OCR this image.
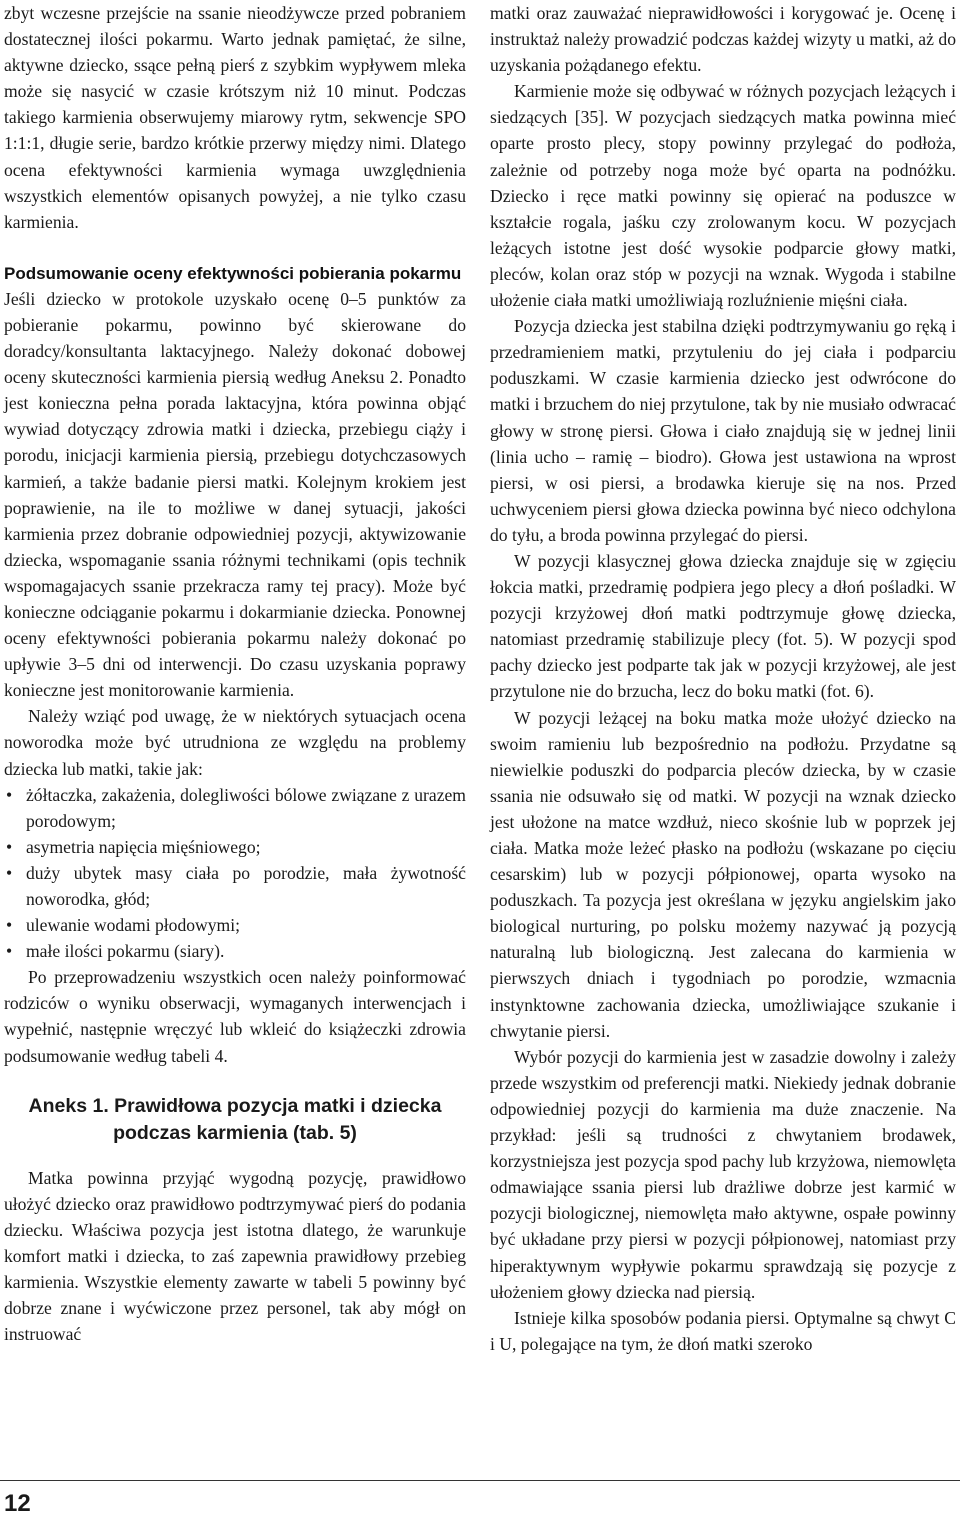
zbyt wczesne przejście na ssanie nieodżywcze przed pobraniem dostatecznej ilości pokarmu. Warto jednak pamiętać, że silne, aktywne dziecko, ssące pełną pierś z szybkim wypływem mleka może się nasycić w czasie krótszym niż 10 minut. Podczas takiego karmienia obserwujemy miarowy rytm, sekwencje SPO 1:1:1, długie serie, bardzo krótkie przerwy między nimi. Dlatego ocena efektywności karmienia wymaga uwzględnienia wszystkich elementów opisanych powyżej, a nie tylko czasu karmienia.

Podsumowanie oceny efektywności pobierania pokarmu

Jeśli dziecko w protokole uzyskało ocenę 0–5 punktów za pobieranie pokarmu, powinno być skierowane do doradcy/konsultanta laktacyjnego. Należy dokonać dobowej oceny skuteczności karmienia piersią według Aneksu 2. Ponadto jest konieczna pełna porada laktacyjna, która powinna objąć wywiad dotyczący zdrowia matki i dziecka, przebiegu ciąży i porodu, inicjacji karmienia piersią, przebiegu dotychczasowych karmień, a także badanie piersi matki. Kolejnym krokiem jest poprawienie, na ile to możliwe w danej sytuacji, jakości karmienia przez dobranie odpowiedniej pozycji, aktywizowanie dziecka, wspomaganie ssania różnymi technikami (opis technik wspomagajacych ssanie przekracza ramy tej pracy). Może być konieczne odciąganie pokarmu i dokarmianie dziecka. Ponownej oceny efektywności pobierania pokarmu należy dokonać po upływie 3–5 dni od interwencji. Do czasu uzyskania poprawy konieczne jest monitorowanie karmienia.

Należy wziąć pod uwagę, że w niektórych sytuacjach ocena noworodka może być utrudniona ze względu na problemy dziecka lub matki, takie jak:

• żółtaczka, zakażenia, dolegliwości bólowe związane z urazem porodowym;
• asymetria napięcia mięśniowego;
• duży ubytek masy ciała po porodzie, mała żywotność noworodka, głód;
• ulewanie wodami płodowymi;
• małe ilości pokarmu (siary).

Po przeprowadzeniu wszystkich ocen należy poinformować rodziców o wyniku obserwacji, wymaganych interwencjach i wypełnić, następnie wręczyć lub wkleić do książeczki zdrowia podsumowanie według tabeli 4.

Aneks 1. Prawidłowa pozycja matki i dziecka
podczas karmienia (tab. 5)

Matka powinna przyjąć wygodną pozycję, prawidłowo ułożyć dziecko oraz prawidłowo podtrzymywać pierś do podania dziecku. Właściwa pozycja jest istotna dlatego, że warunkuje komfort matki i dziecka, to zaś zapewnia prawidłowy przebieg karmienia. Wszystkie elementy zawarte w tabeli 5 powinny być dobrze znane i wyćwiczone przez personel, tak aby mógł on instruować

matki oraz zauważać nieprawidłowości i korygować je. Ocenę i instruktaż należy prowadzić podczas każdej wizyty u matki, aż do uzyskania pożądanego efektu.

Karmienie może się odbywać w różnych pozycjach leżących i siedzących [35]. W pozycjach siedzących matka powinna mieć oparte prosto plecy, stopy powinny przylegać do podłoża, zależnie od potrzeby noga może być oparta na podnóżku. Dziecko i ręce matki powinny się opierać na poduszce w kształcie rogala, jaśku czy zrolowanym kocu. W pozycjach leżących istotne jest dość wysokie podparcie głowy matki, pleców, kolan oraz stóp w pozycji na wznak. Wygoda i stabilne ułożenie ciała matki umożliwiają rozluźnienie mięśni ciała.

Pozycja dziecka jest stabilna dzięki podtrzymywaniu go ręką i przedramieniem matki, przytuleniu do jej ciała i podparciu poduszkami. W czasie karmienia dziecko jest odwrócone do matki i brzuchem do niej przytulone, tak by nie musiało odwracać głowy w stronę piersi. Głowa i ciało znajdują się w jednej linii (linia ucho – ramię – biodro). Głowa jest ustawiona na wprost piersi, w osi piersi, a brodawka kieruje się na nos. Przed uchwyceniem piersi głowa dziecka powinna być nieco odchylona do tyłu, a broda powinna przylegać do piersi.

W pozycji klasycznej głowa dziecka znajduje się w zgięciu łokcia matki, przedramię podpiera jego plecy a dłoń pośladki. W pozycji krzyżowej dłoń matki podtrzymuje głowę dziecka, natomiast przedramię stabilizuje plecy (fot. 5). W pozycji spod pachy dziecko jest podparte tak jak w pozycji krzyżowej, ale jest przytulone nie do brzucha, lecz do boku matki (fot. 6).

W pozycji leżącej na boku matka może ułożyć dziecko na swoim ramieniu lub bezpośrednio na podłożu. Przydatne są niewielkie poduszki do podparcia pleców dziecka, by w czasie ssania nie odsuwało się od matki. W pozycji na wznak dziecko jest ułożone na matce wzdłuż, nieco skośnie lub w poprzek jej ciała. Matka może leżeć płasko na podłożu (wskazane po cięciu cesarskim) lub w pozycji półpionowej, oparta wysoko na poduszkach. Ta pozycja jest określana w języku angielskim jako biological nurturing, po polsku możemy nazywać ją pozycją naturalną lub biologiczną. Jest zalecana do karmienia w pierwszych dniach i tygodniach po porodzie, wzmacnia instynktowne zachowania dziecka, umożliwiające szukanie i chwytanie piersi.

Wybór pozycji do karmienia jest w zasadzie dowolny i zależy przede wszystkim od preferencji matki. Niekiedy jednak dobranie odpowiedniej pozycji do karmienia ma duże znaczenie. Na przykład: jeśli są trudności z chwytaniem brodawek, korzystniejsza jest pozycja spod pachy lub krzyżowa, niemowlęta odmawiające ssania piersi lub drażliwe dobrze jest karmić w pozycji biologicznej, niemowlęta mało aktywne, ospałe powinny być układane przy piersi w pozycji półpionowej, natomiast przy hiperaktywnym wypływie pokarmu sprawdzają się pozycje z ułożeniem głowy dziecka nad piersią.

Istnieje kilka sposobów podania piersi. Optymalne są chwyt C i U, polegające na tym, że dłoń matki szeroko

12
